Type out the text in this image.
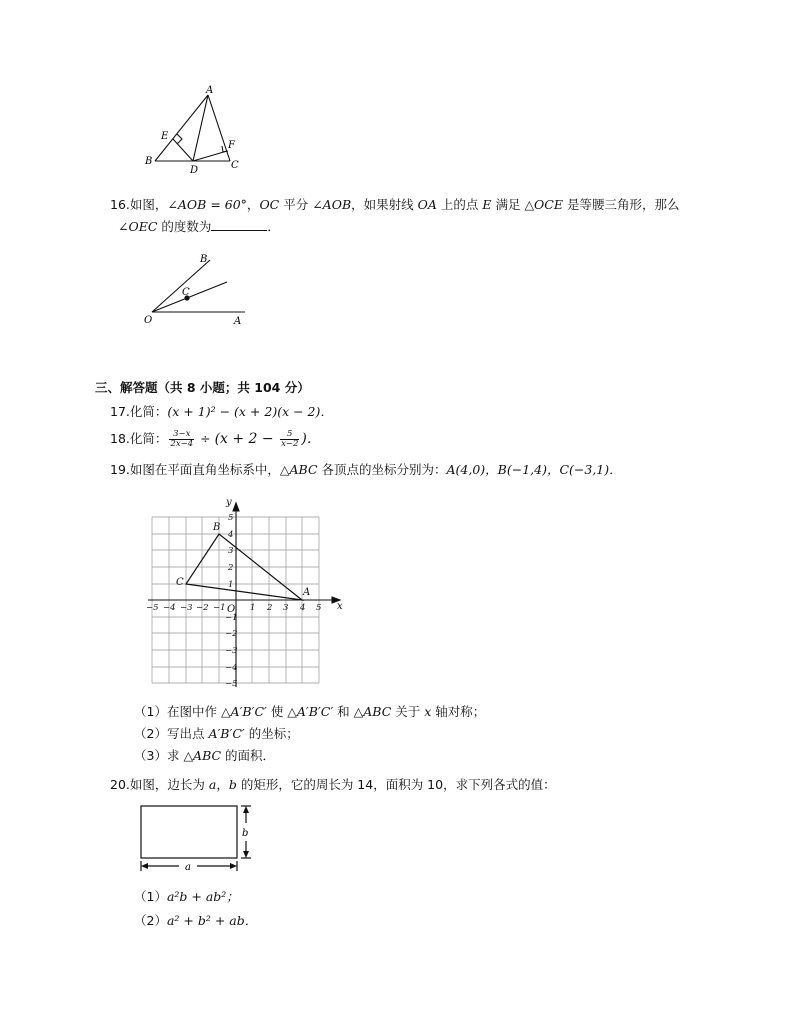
A
E
F
B
D	C
16.如图，∠AOB = 60°，OC 平分 ∠AOB，如果射线 OA 上的点 E 满足 △OCE 是等腰三角形，那么
∠OEC 的度数为	．
B
C
O	A
三、解答题（共 8 小题；共 104 分）
17.化简：(x + 1)² − (x + 2)(x − 2)．
18.化简： $\frac{3-x}{2x-4} \div (x + 2 - \frac{5}{x-2}$ )．
19.如图在平面直角坐标系中，△ABC 各顶点的坐标分别为：A(4,0)，B(−1,4)，C(−3,1)．
−5 −4 −3 −2 −1	1 2 3 4 5
5
4
3
2
1
−1
−2
−3
−4
−5
x
y
O
A
B
C
（1）在图中作 △A′B′C′ 使 △A′B′C′ 和 △ABC 关于 x 轴对称；
（2）写出点 A′B′C′ 的坐标；
（3）求 △ABC 的面积．
20.如图，边长为 a，b 的矩形，它的周长为 14，面积为 10，求下列各式的值：
b
a
（1）a²b + ab²；
（2）a² + b² + ab．
